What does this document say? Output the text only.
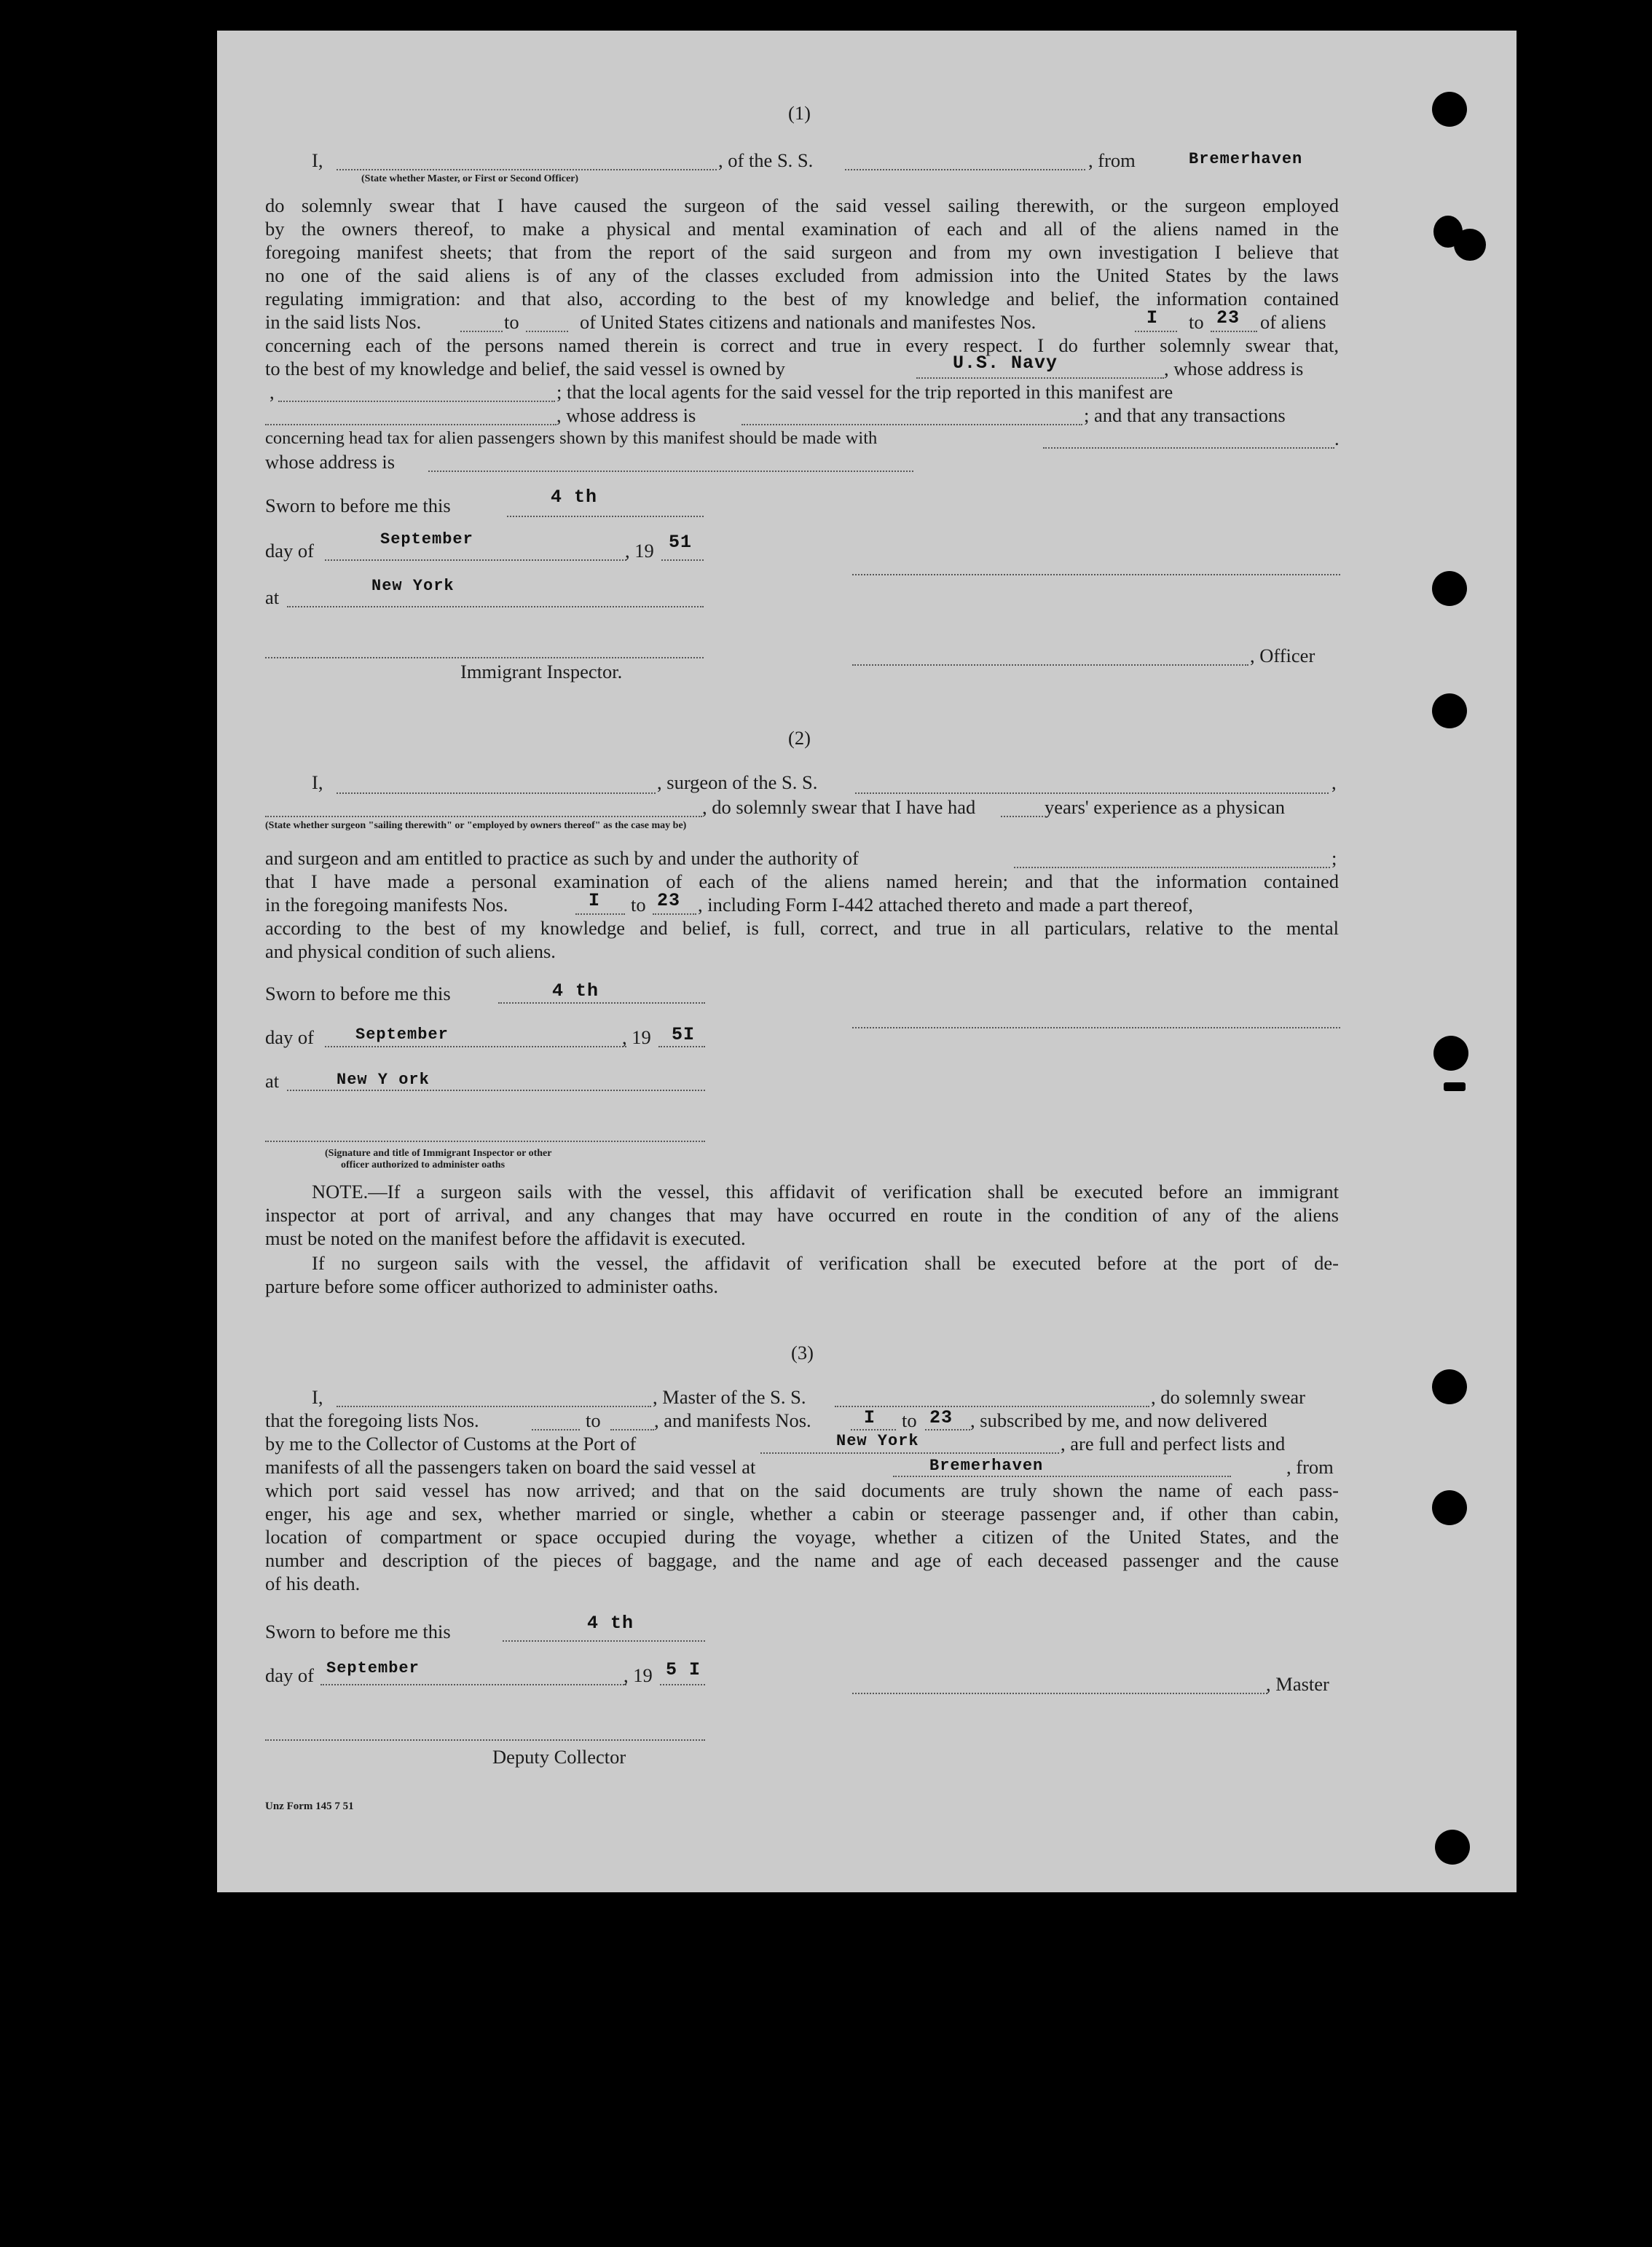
(1)
I,	, of the S. S.	, from	Bremerhaven
(State whether Master, or First or Second Officer)
do solemnly swear that I have caused the surgeon of the said vessel sailing therewith, or the surgeon employed
by the owners thereof, to make a physical and mental examination of each and all of the aliens named in the
foregoing manifest sheets; that from the report of the said surgeon and from my own investigation I believe that
no one of the said aliens is of any of the classes excluded from admission into the United States by the laws
regulating immigration: and that also, according to the best of my knowledge and belief, the information contained
in the said lists Nos.	to	of United States citizens and nationals and manifestes Nos.	I to 23 of aliens
concerning each of the persons named therein is correct and true in every respect. I do further solemnly swear that,
to the best of my knowledge and belief, the said vessel is owned by	U.S. Navy	, whose address is
,	; that the local agents for the said vessel for the trip reported in this manifest are
, whose address is	; and that any transactions
concerning head tax for alien passengers shown by this manifest should be made with	.
whose address is
Sworn to before me this	4 th
day of
September
, 19 51
at
New York
, Officer
Immigrant Inspector.
(2)
I,	, surgeon of the S. S.	,
, do solemnly swear that I have had	years' experience as a physican
(State whether surgeon "sailing therewith" or "employed by owners thereof" as the case may be)
and surgeon and am entitled to practice as such by and under the authority of	;
that I have made a personal examination of each of the aliens named herein; and that the information contained
in the foregoing manifests Nos.	I to 23 , including Form I-442 attached thereto and made a part thereof,
according to the best of my knowledge and belief, is full, correct, and true in all particulars, relative to the mental
and physical condition of such aliens.
Sworn to before me this	4 th
day of	September	, 19 5I
at	New Y ork
(Signature and title of Immigrant Inspector or other
officer authorized to administer oaths
NOTE.—If a surgeon sails with the vessel, this affidavit of verification shall be executed before an immigrant
inspector at port of arrival, and any changes that may have occurred en route in the condition of any of the aliens
must be noted on the manifest before the affidavit is executed.
If no surgeon sails with the vessel, the affidavit of verification shall be executed before at the port of de-
parture before some officer authorized to administer oaths.
(3)
I,	, Master of the S. S.	, do solemnly swear
that the foregoing lists Nos.	to	, and manifests Nos.	I to 23 , subscribed by me, and now delivered
by me to the Collector of Customs at the Port of	New York	, are full and perfect lists and
manifests of all the passengers taken on board the said vessel at	Bremerhaven	, from
which port said vessel has now arrived; and that on the said documents are truly shown the name of each pass-
enger, his age and sex, whether married or single, whether a cabin or steerage passenger and, if other than cabin,
location of compartment or space occupied during the voyage, whether a citizen of the United States, and the
number and description of the pieces of baggage, and the name and age of each deceased passenger and the cause
of his death.
Sworn to before me this	4 th
day of September	, 19 5 I
, Master
Deputy Collector
Unz Form 145 7 51
